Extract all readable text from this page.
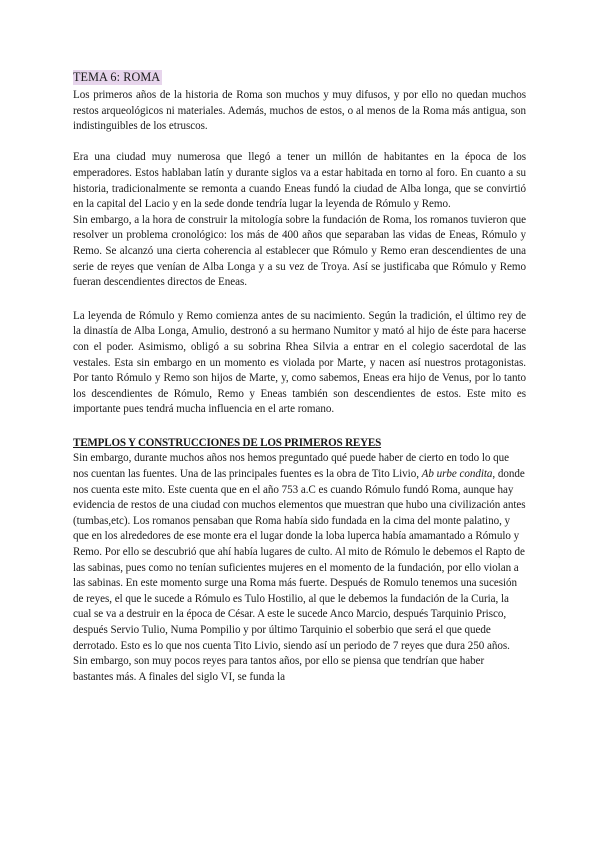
TEMA 6: ROMA

Los primeros años de la historia de Roma son muchos y muy difusos, y por ello no quedan muchos restos arqueológicos ni materiales. Además, muchos de estos, o al menos de la Roma más antigua, son indistinguibles de los etruscos.

Era una ciudad muy numerosa que llegó a tener un millón de habitantes en la época de los emperadores. Estos hablaban latín y durante siglos va a estar habitada en torno al foro. En cuanto a su historia, tradicionalmente se remonta a cuando Eneas fundó la ciudad de Alba longa, que se convirtió en la capital del Lacio y en la sede donde tendría lugar la leyenda de Rómulo y Remo.

Sin embargo, a la hora de construir la mitología sobre la fundación de Roma, los romanos tuvieron que resolver un problema cronológico: los más de 400 años que separaban las vidas de Eneas, Rómulo y Remo. Se alcanzó una cierta coherencia al establecer que Rómulo y Remo eran descendientes de una serie de reyes que venían de Alba Longa y a su vez de Troya. Así se justificaba que Rómulo y Remo fueran descendientes directos de Eneas.

La leyenda de Rómulo y Remo comienza antes de su nacimiento. Según la tradición, el último rey de la dinastía de Alba Longa, Amulio, destronó a su hermano Numitor y mató al hijo de éste para hacerse con el poder. Asimismo, obligó a su sobrina Rhea Silvia a entrar en el colegio sacerdotal de las vestales. Esta sin embargo en un momento es violada por Marte, y nacen así nuestros protagonistas. Por tanto Rómulo y Remo son hijos de Marte, y, como sabemos, Eneas era hijo de Venus, por lo tanto los descendientes de Rómulo, Remo y Eneas también son descendientes de estos. Este mito es importante pues tendrá mucha influencia en el arte romano.

TEMPLOS Y CONSTRUCCIONES DE LOS PRIMEROS REYES

Sin embargo, durante muchos años nos hemos preguntado qué puede haber de cierto en todo lo que nos cuentan las fuentes. Una de las principales fuentes es la obra de Tito Livio, Ab urbe condita, donde nos cuenta este mito. Este cuenta que en el año 753 a.C es cuando Rómulo fundó Roma, aunque hay evidencia de restos de una ciudad con muchos elementos que muestran que hubo una civilización antes (tumbas,etc). Los romanos pensaban que Roma había sido fundada en la cima del monte palatino, y que en los alrededores de ese monte era el lugar donde la loba luperca había amamantado a Rómulo y Remo. Por ello se descubrió que ahí había lugares de culto. Al mito de Rómulo le debemos el Rapto de las sabinas, pues como no tenían suficientes mujeres en el momento de la fundación, por ello violan a las sabinas. En este momento surge una Roma más fuerte. Después de Romulo tenemos una sucesión de reyes, el que le sucede a Rómulo es Tulo Hostilio, al que le debemos la fundación de la Curia, la cual se va a destruir en la época de César. A este le sucede Anco Marcio, después Tarquinio Prisco, después Servio Tulio, Numa Pompilio y por último Tarquinio el soberbio que será el que quede derrotado. Esto es lo que nos cuenta Tito Livio, siendo así un periodo de 7 reyes que dura 250 años. Sin embargo, son muy pocos reyes para tantos años, por ello se piensa que tendrían que haber bastantes más. A finales del siglo VI, se funda la
